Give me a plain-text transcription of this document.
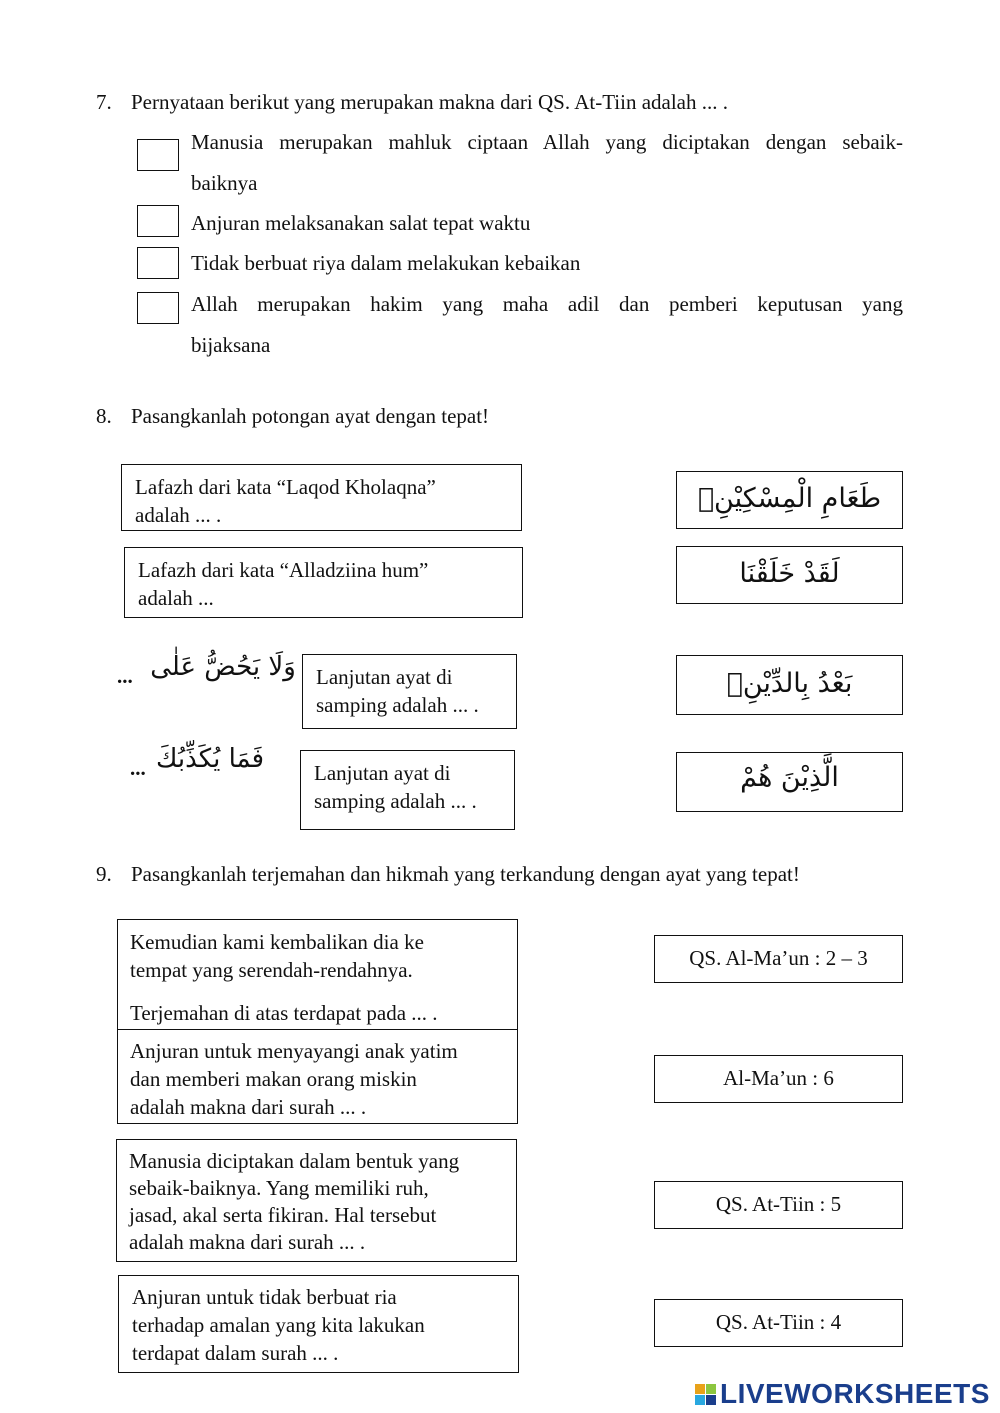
7. Pernyataan berikut yang merupakan makna dari QS. At-Tiin adalah ... .
Manusia merupakan mahluk ciptaan Allah yang diciptakan dengan sebaik-
baiknya
Anjuran melaksanakan salat tepat waktu
Tidak berbuat riya dalam melakukan kebaikan
Allah merupakan hakim yang maha adil dan pemberi keputusan yang
bijaksana
8. Pasangkanlah potongan ayat dengan tepat!
Lafazh dari kata “Laqod Kholaqna”
adalah ... .
Lafazh dari kata “Alladziina hum”
adalah ...
... وَلَا يَحُضُّ عَلٰى Lanjutan ayat di
samping adalah ... .
... فَمَا يُكَذِّبُكَ Lanjutan ayat di
samping adalah ... .
طَعَامِ الْمِسْكِيْنِۗ
لَقَدْ خَلَقْنَا
بَعْدُ بِالدِّيْنِۗ
الَّذِيْنَ هُمْ
9. Pasangkanlah terjemahan dan hikmah yang terkandung dengan ayat yang tepat!
Kemudian kami kembalikan dia ke
tempat yang serendah-rendahnya.
Terjemahan di atas terdapat pada ... .
Anjuran untuk menyayangi anak yatim
dan memberi makan orang miskin
adalah makna dari surah ... .
Manusia diciptakan dalam bentuk yang
sebaik-baiknya. Yang memiliki ruh,
jasad, akal serta fikiran. Hal tersebut
adalah makna dari surah ... .
Anjuran untuk tidak berbuat ria
terhadap amalan yang kita lakukan
terdapat dalam surah ... .
QS. Al-Ma’un : 2 – 3
Al-Ma’un : 6
QS. At-Tiin : 5
QS. At-Tiin : 4
LIVEWORKSHEETS
